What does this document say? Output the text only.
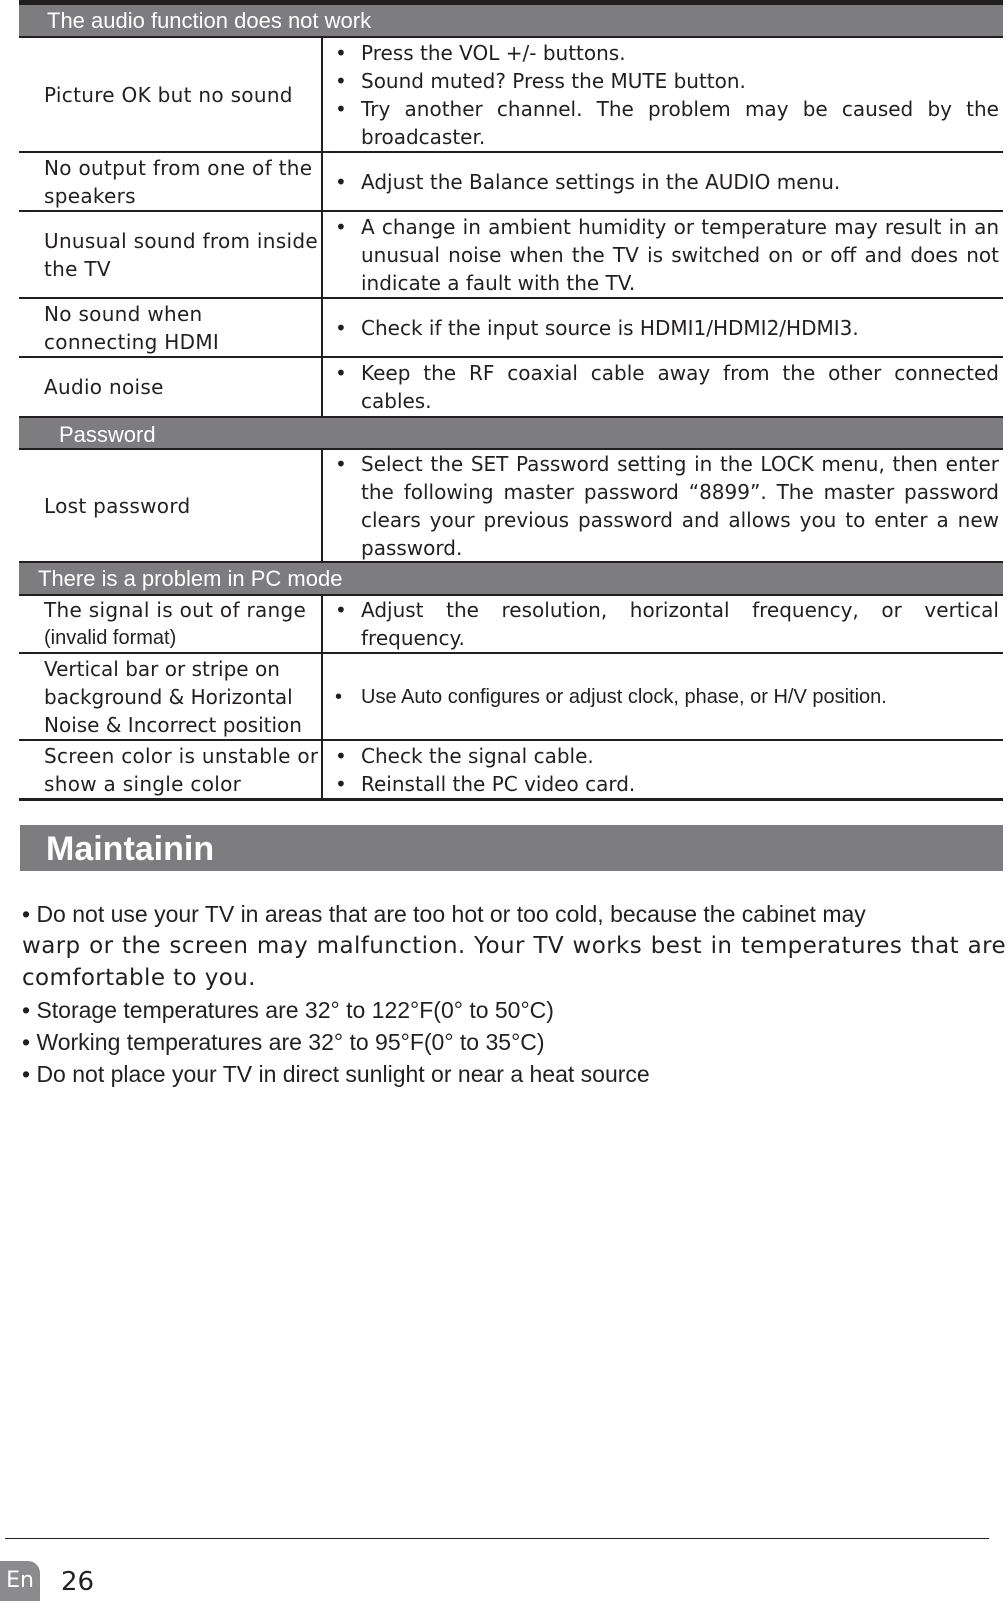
The audio function does not work
Picture OK but no sound
• Press the VOL +/- buttons.
• Sound muted? Press the MUTE button.
• Try another channel. The problem may be caused by the broadcaster.
No output from one of the speakers
• Adjust the Balance settings in the AUDIO menu.
Unusual sound from inside the TV
• A change in ambient humidity or temperature may result in an unusual noise when the TV is switched on or off and does not indicate a fault with the TV.
No sound when connecting HDMI
• Check if the input source is HDMI1/HDMI2/HDMI3.
Audio noise
• Keep the RF coaxial cable away from the other connected cables.
Password
Lost password
• Select the SET Password setting in the LOCK menu, then enter the following master password “8899”. The master password clears your previous password and allows you to enter a new password.
There is a problem in PC mode
The signal is out of range
(invalid format)
• Adjust the resolution, horizontal frequency, or vertical frequency.
Vertical bar or stripe on background & Horizontal Noise & Incorrect position
• Use Auto configures or adjust clock, phase, or H/V position.
Screen color is unstable or show a single color
• Check the signal cable.
• Reinstall the PC video card.
Maintainin

• Do not use your TV in areas that are too hot or too cold, because the cabinet may

warp or the screen may malfunction. Your TV works best in temperatures that are comfortable to you.

• Storage temperatures are 32° to 122°F(0° to 50°C)

• Working temperatures are 32° to 95°F(0° to 35°C)

• Do not place your TV in direct sunlight or near a heat source

En 26
